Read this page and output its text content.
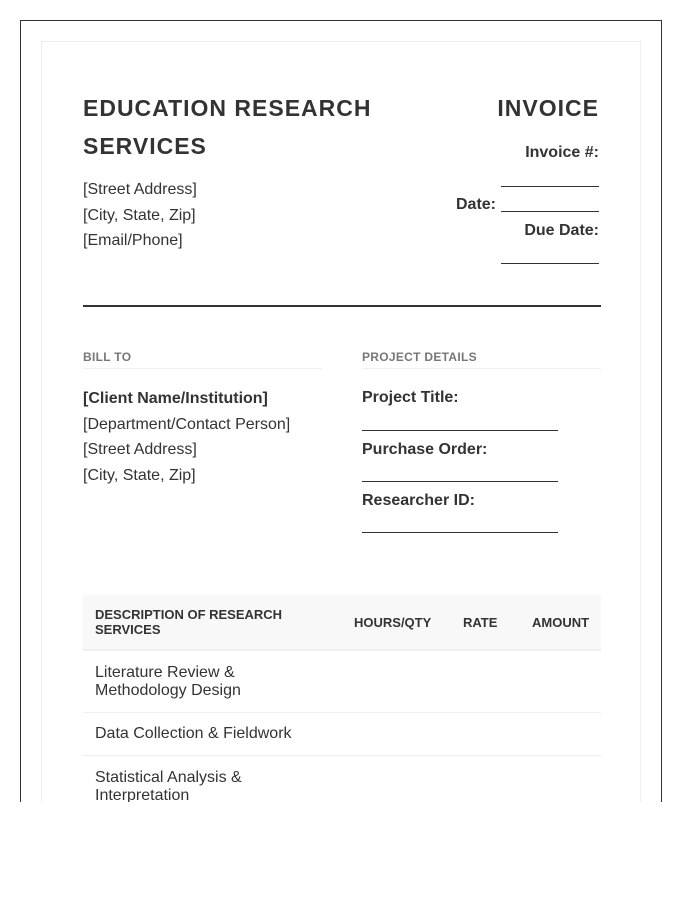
EDUCATION RESEARCH SERVICES
[Street Address]
[City, State, Zip]
[Email/Phone]
INVOICE
Invoice #:
Date:
Due Date:
BILL TO
[Client Name/Institution]
[Department/Contact Person]
[Street Address]
[City, State, Zip]
PROJECT DETAILS
Project Title:
Purchase Order:
Researcher ID:
DESCRIPTION OF RESEARCH SERVICES	HOURS/QTY RATE	AMOUNT
Literature Review & Methodology Design
Data Collection & Fieldwork
Statistical Analysis & Interpretation
